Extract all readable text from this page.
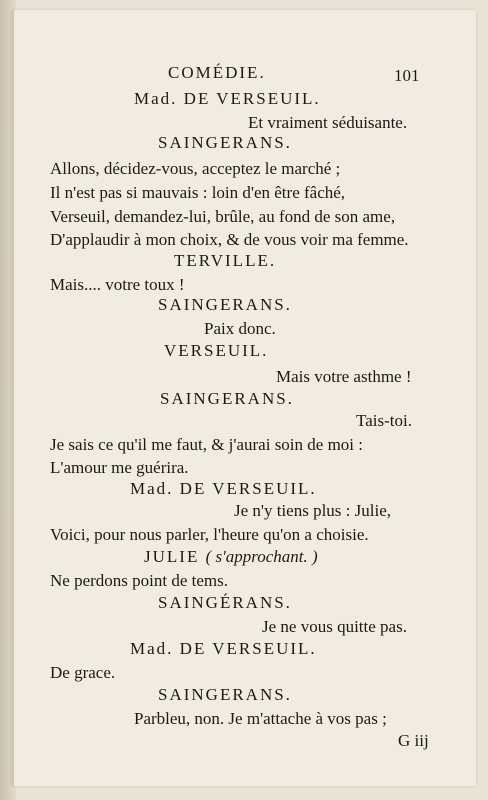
COMÉDIE.	101
Mad. DE VERSEUIL.
Et vraiment séduisante.
SAINGERANS.
Allons, décidez-vous, acceptez le marché ;
Il n'est pas si mauvais : loin d'en être fâché,
Verseuil, demandez-lui, brûle, au fond de son ame,
D'applaudir à mon choix, & de vous voir ma femme.
TERVILLE.
Mais.... votre toux !
SAINGERANS.
Paix donc.
VERSEUIL.
Mais votre asthme !
SAINGERANS.
Tais-toi.
Je sais ce qu'il me faut, & j'aurai soin de moi :
L'amour me guérira.
Mad. DE VERSEUIL.
Je n'y tiens plus : Julie,
Voici, pour nous parler, l'heure qu'on a choisie.
JULIE ( s'approchant. )
Ne perdons point de tems.
SAINGÉRANS.
Je ne vous quitte pas.
Mad. DE VERSEUIL.
De grace.
SAINGERANS.
Parbleu, non. Je m'attache à vos pas ;
G iij
